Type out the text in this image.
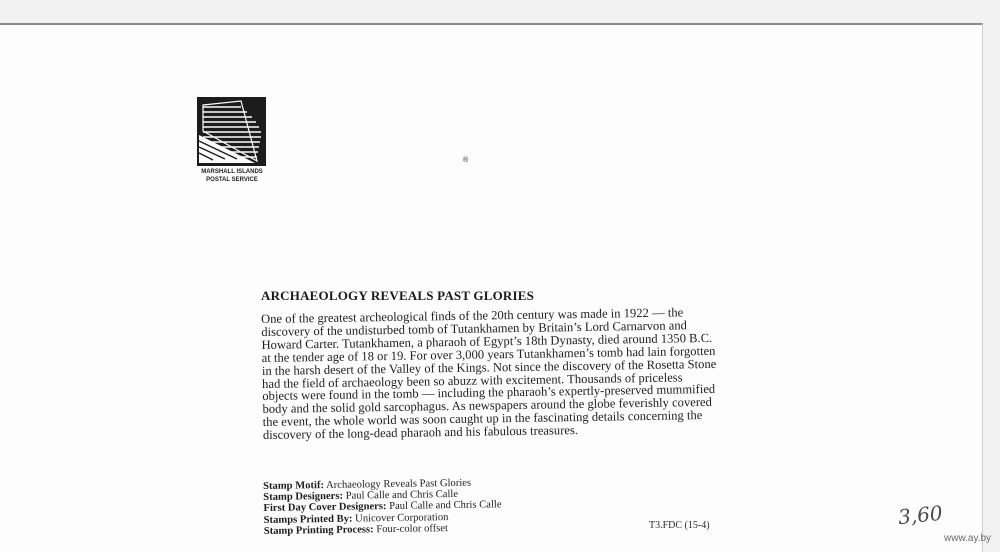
®
MARSHALL ISLANDS
POSTAL SERVICE
ARCHAEOLOGY REVEALS PAST GLORIES

One of the greatest archeological finds of the 20th century was made in 1922 — the discovery of the undisturbed tomb of Tutankhamen by Britain’s Lord Carnarvon and Howard Carter. Tutankhamen, a pharaoh of Egypt’s 18th Dynasty, died around 1350 B.C. at the tender age of 18 or 19. For over 3,000 years Tutankhamen’s tomb had lain forgotten in the harsh desert of the Valley of the Kings. Not since the discovery of the Rosetta Stone had the field of archaeology been so abuzz with excitement. Thousands of priceless objects were found in the tomb — including the pharaoh’s expertly-preserved mummified body and the solid gold sarcophagus. As newspapers around the globe feverishly covered the event, the whole world was soon caught up in the fascinating details concerning the discovery of the long-dead pharaoh and his fabulous treasures.

Stamp Motif: Archaeology Reveals Past Glories
Stamp Designers: Paul Calle and Chris Calle
First Day Cover Designers: Paul Calle and Chris Calle
Stamps Printed By: Unicover Corporation
Stamp Printing Process: Four-color offset	T3.FDC (15-4)	3,60
www.ay.by
